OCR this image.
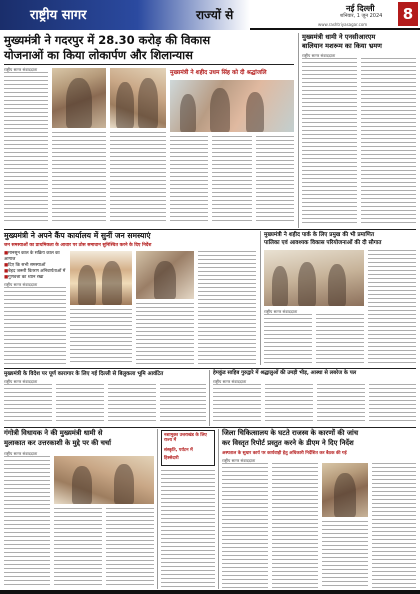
राष्ट्रीय सागर	राज्यों से	नई दिल्ली
शनिवार, 1 जून 2024
www.rashtriyasagar.com
8
मुख्यमंत्री ने गदरपुर में 28.30 करोड़ की विकास
योजनाओं का किया लोकार्पण और शिलान्यास
मुख्यमंत्री धामी ने एनसीआरएम
बालियान मशरूम का किया भ्रमण
राष्ट्रीय सागर संवाददाता
मुख्यमंत्री ने शहीद उधम सिंह को दी श्रद्धांजलि
राष्ट्रीय सागर संवाददाता
मुख्यमंत्री ने अपने कैंप कार्यालय में सुनीं जन समस्याएं
जन समस्याओं का प्राथमिकता के आधार पर ठोस समाधान सुनिश्चित करने के दिए निर्देश
■ मानसून काल के सक्रिय काल का आगाज
■ दिए कि सभी समस्याओं
■ बेहद जरूरी वितरण अनिवार्यताओं में
■ गुणवत्ता का ध्यान रखा
राष्ट्रीय सागर संवाददाता
मुख्यमंत्री ने शहीद पार्क के लिए प्रमुख की भी प्रमाणित
पालिका एवं आवश्यक विकास परियोजनाओं की दी सौगात
राष्ट्रीय सागर संवाददाता
मुख्यमंत्री के विदेश पर पूर्ण कारागार के लिए गई दिल्ली से बिलुकला भूमि आवंटित
राष्ट्रीय सागर संवाददाता
हेमकुंड साहिब गुरुद्वारे में श्रद्धालुओं की उमड़ी भीड़, आस्था से लबरेज के पल
राष्ट्रीय सागर संवाददाता
गंगोत्री विधायक ने की मुख्यमंत्री धामी से
मुलाकात कर उत्तरकाशी के मुद्दे पर की चर्चा
राष्ट्रीय सागर संवाददाता
नशामुक्त उत्तराखंड के लिए राज्य में
संस्कृति, पर्यटन में
हिस्सेदारी
जिला चिकित्सालय के घटते राजस्व के कारणों की जांच
कर विस्तृत रिपोर्ट प्रस्तुत करने के डीएम ने दिए निर्देश
अस्पताल के सुधार कार्य पर कार्यवाही हेतु अधिकारी निर्देशित कर बैठक की गई
राष्ट्रीय सागर संवाददाता
